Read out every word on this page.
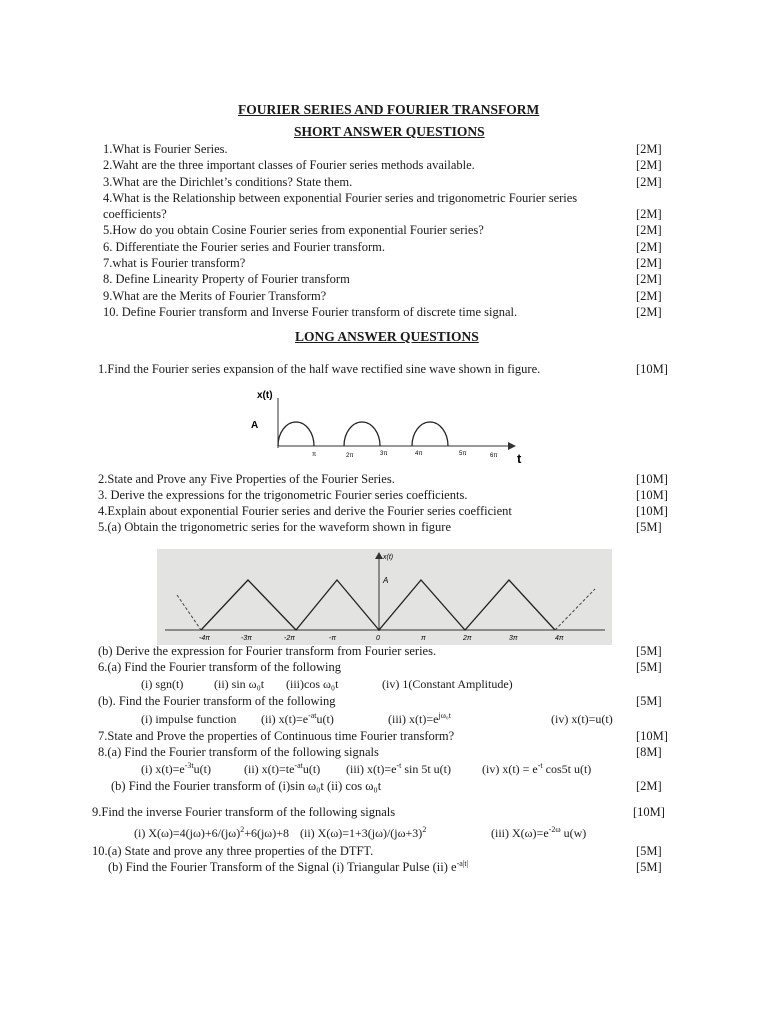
FOURIER SERIES AND FOURIER TRANSFORM
SHORT ANSWER QUESTIONS
1.What is Fourier Series.	[2M]
2.Waht are the three important classes of Fourier series methods available.	[2M]
3.What are the Dirichlet’s conditions? State them.	[2M]
4.What is the Relationship between exponential Fourier series and trigonometric Fourier series
coefficients?	[2M]
5.How do you obtain Cosine Fourier series from exponential Fourier series?	[2M]
6. Differentiate the Fourier series and Fourier transform.	[2M]
7.what is Fourier transform?	[2M]
8. Define Linearity Property of Fourier transform	[2M]
9.What are the Merits of Fourier Transform?	[2M]
10. Define Fourier transform and Inverse Fourier transform of discrete time signal.	[2M]
LONG ANSWER QUESTIONS
1.Find the Fourier series expansion of the half wave rectified sine wave shown in figure.	[10M]
x(t)
A
π	2π	3π	4π	5π	6π t
2.State and Prove any Five Properties of the Fourier Series.	[10M]
3. Derive the expressions for the trigonometric Fourier series coefficients.	[10M]
4.Explain about exponential Fourier series and derive the Fourier series coefficient	[10M]
5.(a) Obtain the trigonometric series for the waveform shown in figure	[5M]
x(t)
A
-4π	-3π	-2π	-π	0	π	2π	3π	4π
(b) Derive the expression for Fourier transform from Fourier series.	[5M]
6.(a) Find the Fourier transform of the following	[5M]
(i) sgn(t)	(ii) sin ω₀t (iii)cos ω₀t	(iv) 1(Constant Amplitude)
(b). Find the Fourier transform of the following	[5M]
(i) impulse function (ii) $x(t)=e^{-at}u(t)$	(iii) $x(t)=e^{j\omega_0t}$	(iv) x(t)=u(t)
7.State and Prove the properties of Continuous time Fourier transform?	[10M]
8.(a) Find the Fourier transform of the following signals	[8M]
(i) $x(t)=e^{-3t}u(t)$	(ii) $x(t)=te^{-at}u(t)$ (iii) $x(t)=e^{-t}$ sin 5t u(t)	(iv) $x(t) = e^{-t}$ cos5t u(t)
(b) Find the Fourier transform of (i)sin ω₀t (ii) cos ω₀t	[2M]
9.Find the inverse Fourier transform of the following signals	[10M]
(i) $X(\omega)=4(j\omega)+6/(j\omega)^2+6(j\omega)+8$ (ii) $X(\omega)=1+3(j\omega)/(j\omega+3)^2$	(iii) $X(\omega)=e^{-2\omega}$ u(w)
10.(a) State and prove any three properties of the DTFT.	[5M]
(b) Find the Fourier Transform of the Signal (i) Triangular Pulse (ii) $e^{-a|t|}$	[5M]
